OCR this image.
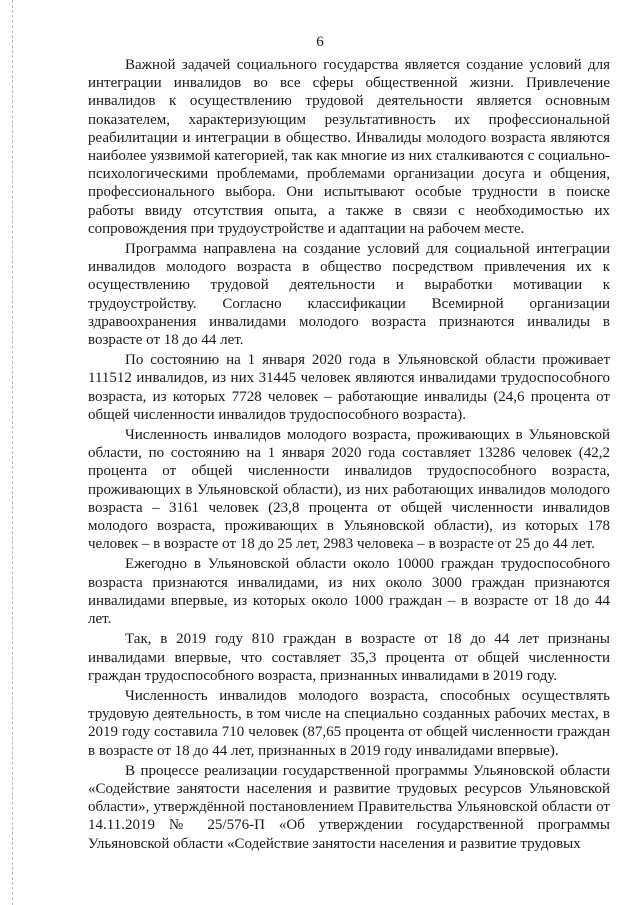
6

Важной задачей социального государства является создание условий для интеграции инвалидов во все сферы общественной жизни. Привлечение инвалидов к осуществлению трудовой деятельности является основным показателем, характеризующим результативность их профессиональной реабилитации и интеграции в общество. Инвалиды молодого возраста являются наиболее уязвимой категорией, так как многие из них сталкиваются с социально-психологическими проблемами, проблемами организации досуга и общения, профессионального выбора. Они испытывают особые трудности в поиске работы ввиду отсутствия опыта, а также в связи с необходимостью их сопровождения при трудоустройстве и адаптации на рабочем месте.

Программа направлена на создание условий для социальной интеграции инвалидов молодого возраста в общество посредством привлечения их к осуществлению трудовой деятельности и выработки мотивации к трудоустройству. Согласно классификации Всемирной организации здравоохранения инвалидами молодого возраста признаются инвалиды в возрасте от 18 до 44 лет.

По состоянию на 1 января 2020 года в Ульяновской области проживает 111512 инвалидов, из них 31445 человек являются инвалидами трудоспособного возраста, из которых 7728 человек – работающие инвалиды (24,6 процента от общей численности инвалидов трудоспособного возраста).

Численность инвалидов молодого возраста, проживающих в Ульяновской области, по состоянию на 1 января 2020 года составляет 13286 человек (42,2 процента от общей численности инвалидов трудоспособного возраста, проживающих в Ульяновской области), из них работающих инвалидов молодого возраста – 3161 человек (23,8 процента от общей численности инвалидов молодого возраста, проживающих в Ульяновской области), из которых 178 человек – в возрасте от 18 до 25 лет, 2983 человека – в возрасте от 25 до 44 лет.

Ежегодно в Ульяновской области около 10000 граждан трудоспособного возраста признаются инвалидами, из них около 3000 граждан признаются инвалидами впервые, из которых около 1000 граждан – в возрасте от 18 до 44 лет.

Так, в 2019 году 810 граждан в возрасте от 18 до 44 лет признаны инвалидами впервые, что составляет 35,3 процента от общей численности граждан трудоспособного возраста, признанных инвалидами в 2019 году.

Численность инвалидов молодого возраста, способных осуществлять трудовую деятельность, в том числе на специально созданных рабочих местах, в 2019 году составила 710 человек (87,65 процента от общей численности граждан в возрасте от 18 до 44 лет, признанных в 2019 году инвалидами впервые).

В процессе реализации государственной программы Ульяновской области «Содействие занятости населения и развитие трудовых ресурсов Ульяновской области», утверждённой постановлением Правительства Ульяновской области от 14.11.2019 № 25/576-П «Об утверждении государственной программы Ульяновской области «Содействие занятости населения и развитие трудовых
